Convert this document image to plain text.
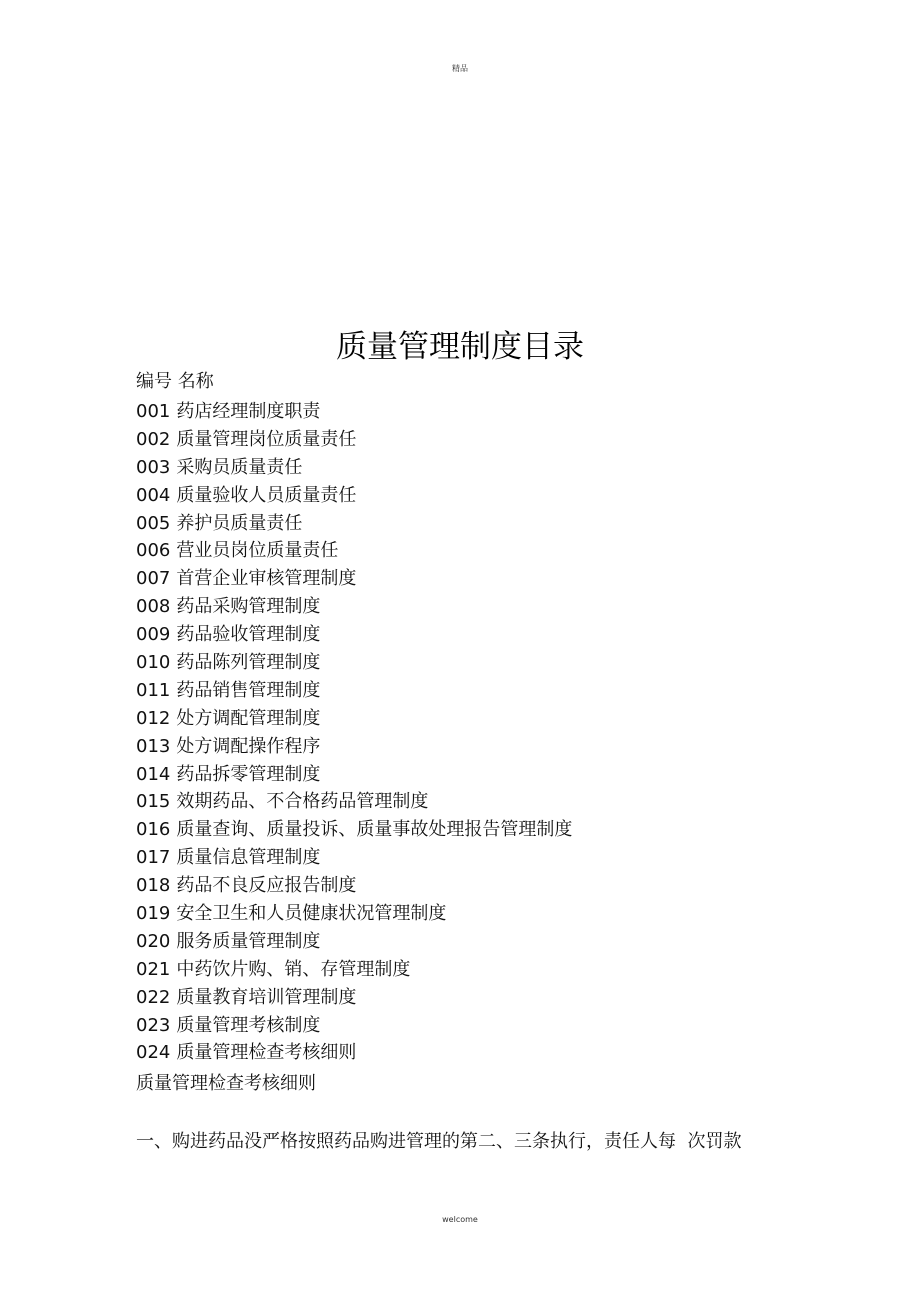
精品
质量管理制度目录
编号 名称
001 药店经理制度职责
002 质量管理岗位质量责任
003 采购员质量责任
004 质量验收人员质量责任
005 养护员质量责任
006 营业员岗位质量责任
007 首营企业审核管理制度
008 药品采购管理制度
009 药品验收管理制度
010 药品陈列管理制度
011 药品销售管理制度
012 处方调配管理制度
013 处方调配操作程序
014 药品拆零管理制度
015 效期药品、不合格药品管理制度
016 质量查询、质量投诉、质量事故处理报告管理制度
017 质量信息管理制度
018 药品不良反应报告制度
019 安全卫生和人员健康状况管理制度
020 服务质量管理制度
021 中药饮片购、销、存管理制度
022 质量教育培训管理制度
023 质量管理考核制度
024 质量管理检查考核细则
质量管理检查考核细则
一、购进药品没严格按照药品购进管理的第二、三条执行，责任人每  次罚款
welcome
